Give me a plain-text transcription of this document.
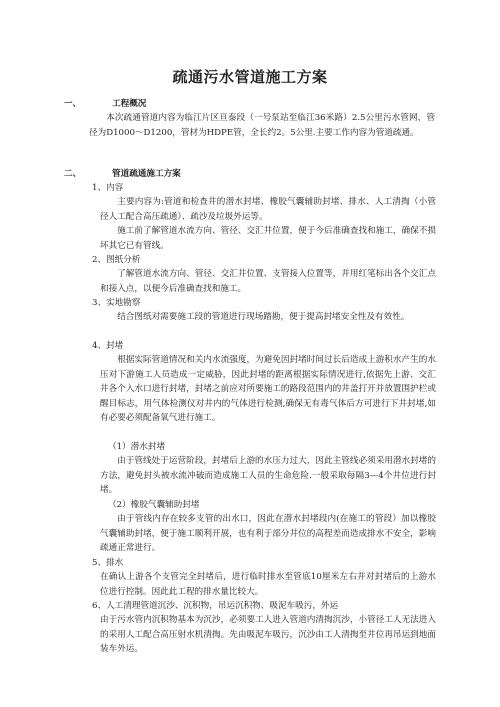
疏通污水管道施工方案
一、	工程概况
本次疏通管道内容为临江片区亘泰段（一号泵站至临江36米路）2.5公里污水管网，管径为D1000～D1200，管材为HDPE管，全长约2。5公里.主要工作内容为管道疏通。
二、	管道疏通施工方案
1、内容
主要内容为:管道和检查井的潜水封堵、橡胶气囊辅助封堵、排水、人工清掏（小管径人工配合高压疏通）、疏沙及垃圾外运等。
施工前了解管道水流方向、管径、交汇井位置，便于今后准确查找和施工，确保不损坏其它已有管线。
2、图纸分析
了解管道水流方向、管径、交汇井位置、支管接入位置等，并用红笔标出各个交汇点和接入点，以便今后准确查找和施工。
3、实地勘察
结合图纸对需要施工段的管道进行现场踏勘，便于提高封堵安全性及有效性。
4、封堵
根据实际管道情况和关内水流强度，为避免因封堵时间过长后造成上游积水产生的水压对下游施工人员造成一定威胁，因此封堵的距离根据实际情况进行,依据先上游、交汇井各个入水口进行封堵，封堵之前应对所要施工的路段范围内的井盖打开并放置围护栏或醒目标志，用气体检测仪对井内的气体进行检测,确保无有毒气体后方可进行下井封堵,如有必要必须配备氧气进行施工。
（1）潜水封堵
由于管线处于运营阶段，封堵后上游的水压力过大，因此主管线必须采用潜水封堵的方法，避免封头被水流冲破而造成施工人员的生命危险.一般采取每隔3—4个井位进行封堵。
（2）橡胶气囊辅助封堵
由于管线内存在较多支管的出水口，因此在潜水封堵段内(在施工的管段）加以橡胶气囊辅助封堵，便于施工顺利开展，也有利于部分井位的高程差而造成排水不安全，影响疏通正常进行。
5、排水
在确认上游各个支管完全封堵后，进行临时排水至管底10厘米左右并对封堵后的上游水位进行控制。因此此工程的排水量比较大。
6、人工清理管道沉沙、沉积物，吊运沉积物、吸泥车吸污，外运
由于污水管内沉积物基本为沉沙，必须要工人进入管道内清掏沉沙，小管径工人无法进入的采用人工配合高压射水机清掏。先由吸泥车吸污，沉沙由工人清掏至井位再吊运到地面装车外运。
